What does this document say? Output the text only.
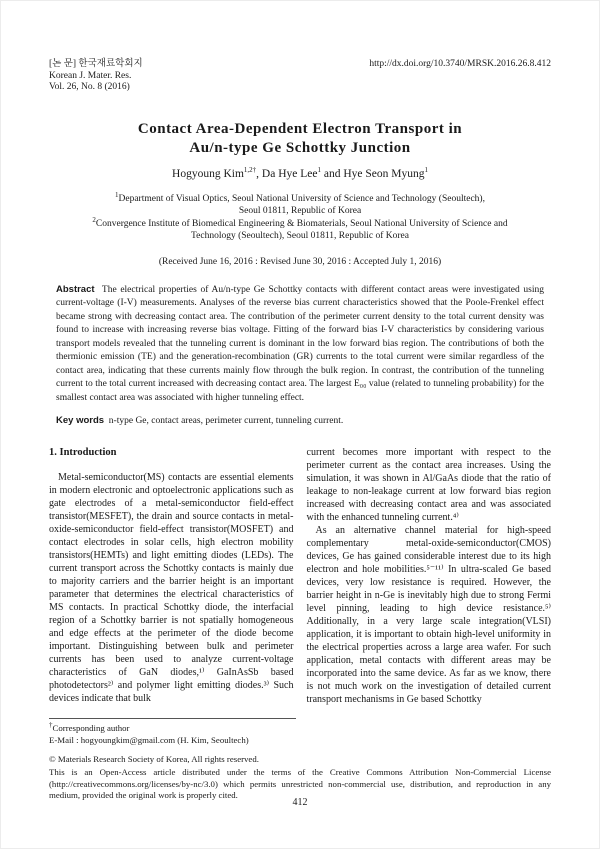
[논 문] 한국재료학회지
Korean J. Mater. Res.
Vol. 26, No. 8 (2016)
http://dx.doi.org/10.3740/MRSK.2016.26.8.412
Contact Area-Dependent Electron Transport in
Au/n-type Ge Schottky Junction
Hogyoung Kim$^{1,2\dagger}$, Da Hye Lee$^1$ and Hye Seon Myung$^1$
$^1$Department of Visual Optics, Seoul National University of Science and Technology (Seoultech),
Seoul 01811, Republic of Korea
$^2$Convergence Institute of Biomedical Engineering & Biomaterials, Seoul National University of Science and
Technology (Seoultech), Seoul 01811, Republic of Korea
(Received June 16, 2016 : Revised June 30, 2016 : Accepted July 1, 2016)
Abstract The electrical properties of Au/n-type Ge Schottky contacts with different contact areas were investigated using current-voltage (I-V) measurements. Analyses of the reverse bias current characteristics showed that the Poole-Frenkel effect became strong with decreasing contact area. The contribution of the perimeter current density to the total current density was found to increase with increasing reverse bias voltage. Fitting of the forward bias I-V characteristics by considering various transport models revealed that the tunneling current is dominant in the low forward bias region. The contributions of both the thermionic emission (TE) and the generation-recombination (GR) currents to the total current were similar regardless of the contact area, indicating that these currents mainly flow through the bulk region. In contrast, the contribution of the tunneling current to the total current increased with decreasing contact area. The largest E₀₀ value (related to tunneling probability) for the smallest contact area was associated with higher tunneling effect.
Key words n-type Ge, contact areas, perimeter current, tunneling current.
1. Introduction

Metal-semiconductor(MS) contacts are essential elements in modern electronic and optoelectronic applications such as gate electrodes of a metal-semiconductor field-effect transistor(MESFET), the drain and source contacts in metal-oxide-semiconductor field-effect transistor(MOSFET) and contact electrodes in solar cells, high electron mobility transistors(HEMTs) and light emitting diodes (LEDs). The current transport across the Schottky contacts is mainly due to majority carriers and the barrier height is an important parameter that determines the electrical characteristics of MS contacts. In practical Schottky diode, the interfacial region of a Schottky barrier is not spatially homogeneous and edge effects at the perimeter of the diode become important. Distinguishing between bulk and perimeter currents has been used to analyze current-voltage characteristics of GaN diodes,¹⁾ GaInAsSb based photodetectors²⁾ and polymer light emitting diodes.³⁾ Such devices indicate that bulk

current becomes more important with respect to the perimeter current as the contact area increases. Using the simulation, it was shown in Al/GaAs diode that the ratio of leakage to non-leakage current at low forward bias region increased with decreasing contact area and was associated with the enhanced tunneling current.⁴⁾

As an alternative channel material for high-speed complementary metal-oxide-semiconductor(CMOS) devices, Ge has gained considerable interest due to its high electron and hole mobilities.⁵⁻¹¹⁾ In ultra-scaled Ge based devices, very low resistance is required. However, the barrier height in n-Ge is inevitably high due to strong Fermi level pinning, leading to high device resistance.⁵⁾ Additionally, in a very large scale integration(VLSI) application, it is important to obtain high-level uniformity in the electrical properties across a large area wafer. For such application, metal contacts with different areas may be incorporated into the same device. As far as we know, there is not much work on the investigation of detailed current transport mechanisms in Ge based Schottky

†Corresponding author
E-Mail : hogyoungkim@gmail.com (H. Kim, Seoultech)
© Materials Research Society of Korea, All rights reserved.
This is an Open-Access article distributed under the terms of the Creative Commons Attribution Non-Commercial License (http://creativecommons.org/licenses/by-nc/3.0) which permits unrestricted non-commercial use, distribution, and reproduction in any medium, provided the original work is properly cited.
412
